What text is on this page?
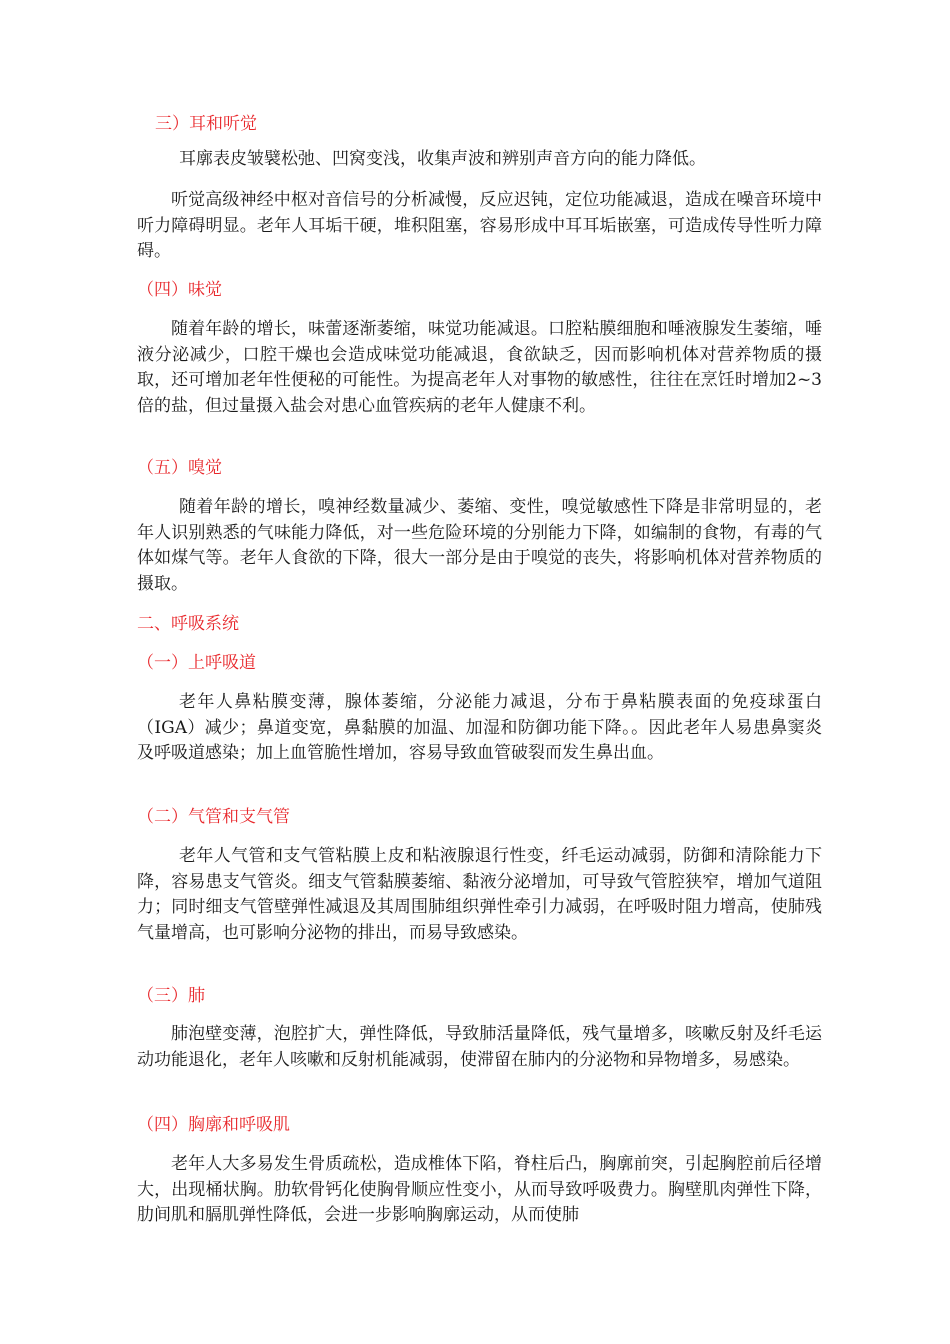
三）耳和听觉

耳廓表皮皱襞松弛、凹窝变浅，收集声波和辨别声音方向的能力降低。

听觉高级神经中枢对音信号的分析减慢，反应迟钝，定位功能减退，造成在噪音环境中听力障碍明显。老年人耳垢干硬，堆积阻塞，容易形成中耳耳垢嵌塞，可造成传导性听力障碍。

（四）味觉

随着年龄的增长，味蕾逐渐萎缩，味觉功能减退。口腔粘膜细胞和唾液腺发生萎缩，唾液分泌减少，口腔干燥也会造成味觉功能减退，食欲缺乏，因而影响机体对营养物质的摄取，还可增加老年性便秘的可能性。为提高老年人对事物的敏感性，往往在烹饪时增加2~3倍的盐，但过量摄入盐会对患心血管疾病的老年人健康不利。

（五）嗅觉

随着年龄的增长，嗅神经数量减少、萎缩、变性，嗅觉敏感性下降是非常明显的，老年人识别熟悉的气味能力降低，对一些危险环境的分别能力下降，如编制的食物，有毒的气体如煤气等。老年人食欲的下降，很大一部分是由于嗅觉的丧失，将影响机体对营养物质的摄取。

二、呼吸系统
（一）上呼吸道

老年人鼻粘膜变薄，腺体萎缩，分泌能力减退，分布于鼻粘膜表面的免疫球蛋白（IGA）减少；鼻道变宽，鼻黏膜的加温、加湿和防御功能下降。。因此老年人易患鼻窦炎及呼吸道感染；加上血管脆性增加，容易导致血管破裂而发生鼻出血。

（二）气管和支气管

老年人气管和支气管粘膜上皮和粘液腺退行性变，纤毛运动减弱，防御和清除能力下降，容易患支气管炎。细支气管黏膜萎缩、黏液分泌增加，可导致气管腔狭窄，增加气道阻力；同时细支气管壁弹性减退及其周围肺组织弹性牵引力减弱，在呼吸时阻力增高，使肺残气量增高，也可影响分泌物的排出，而易导致感染。

（三）肺

肺泡壁变薄，泡腔扩大，弹性降低，导致肺活量降低，残气量增多，咳嗽反射及纤毛运动功能退化，老年人咳嗽和反射机能减弱，使滞留在肺内的分泌物和异物增多，易感染。

（四）胸廓和呼吸肌

老年人大多易发生骨质疏松，造成椎体下陷，脊柱后凸，胸廓前突，引起胸腔前后径增大，出现桶状胸。肋软骨钙化使胸骨顺应性变小，从而导致呼吸费力。胸壁肌肉弹性下降，肋间肌和膈肌弹性降低，会进一步影响胸廓运动，从而使肺
